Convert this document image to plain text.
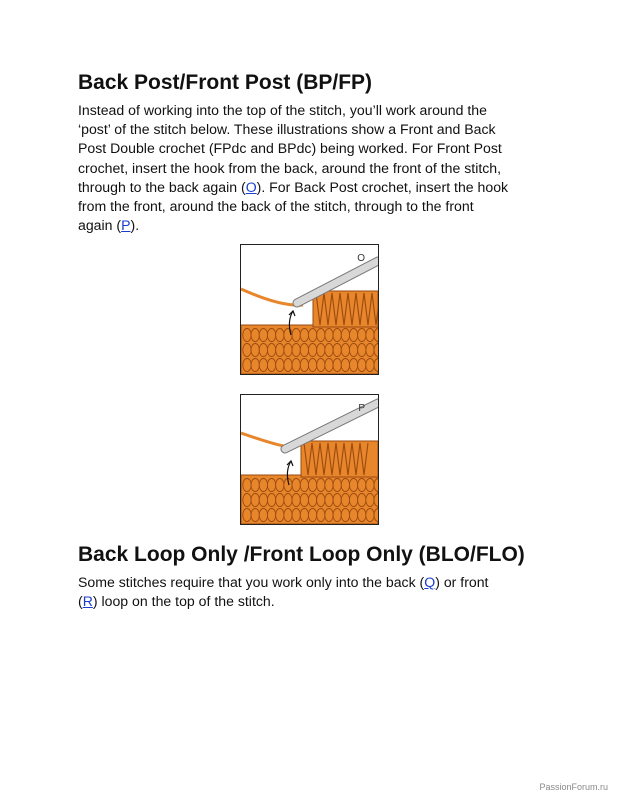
Back Post/Front Post (BP/FP)
Instead of working into the top of the stitch, you’ll work around the
‘post’ of the stitch below. These illustrations show a Front and Back
Post Double crochet (FPdc and BPdc) being worked. For Front Post
crochet, insert the hook from the back, around the front of the stitch,
through to the back again (O). For Back Post crochet, insert the hook
from the front, around the back of the stitch, through to the front
again (P).
O
P
Back Loop Only /Front Loop Only (BLO/FLO)
Some stitches require that you work only into the back (Q) or front
(R) loop on the top of the stitch.
PassionForum.ru
